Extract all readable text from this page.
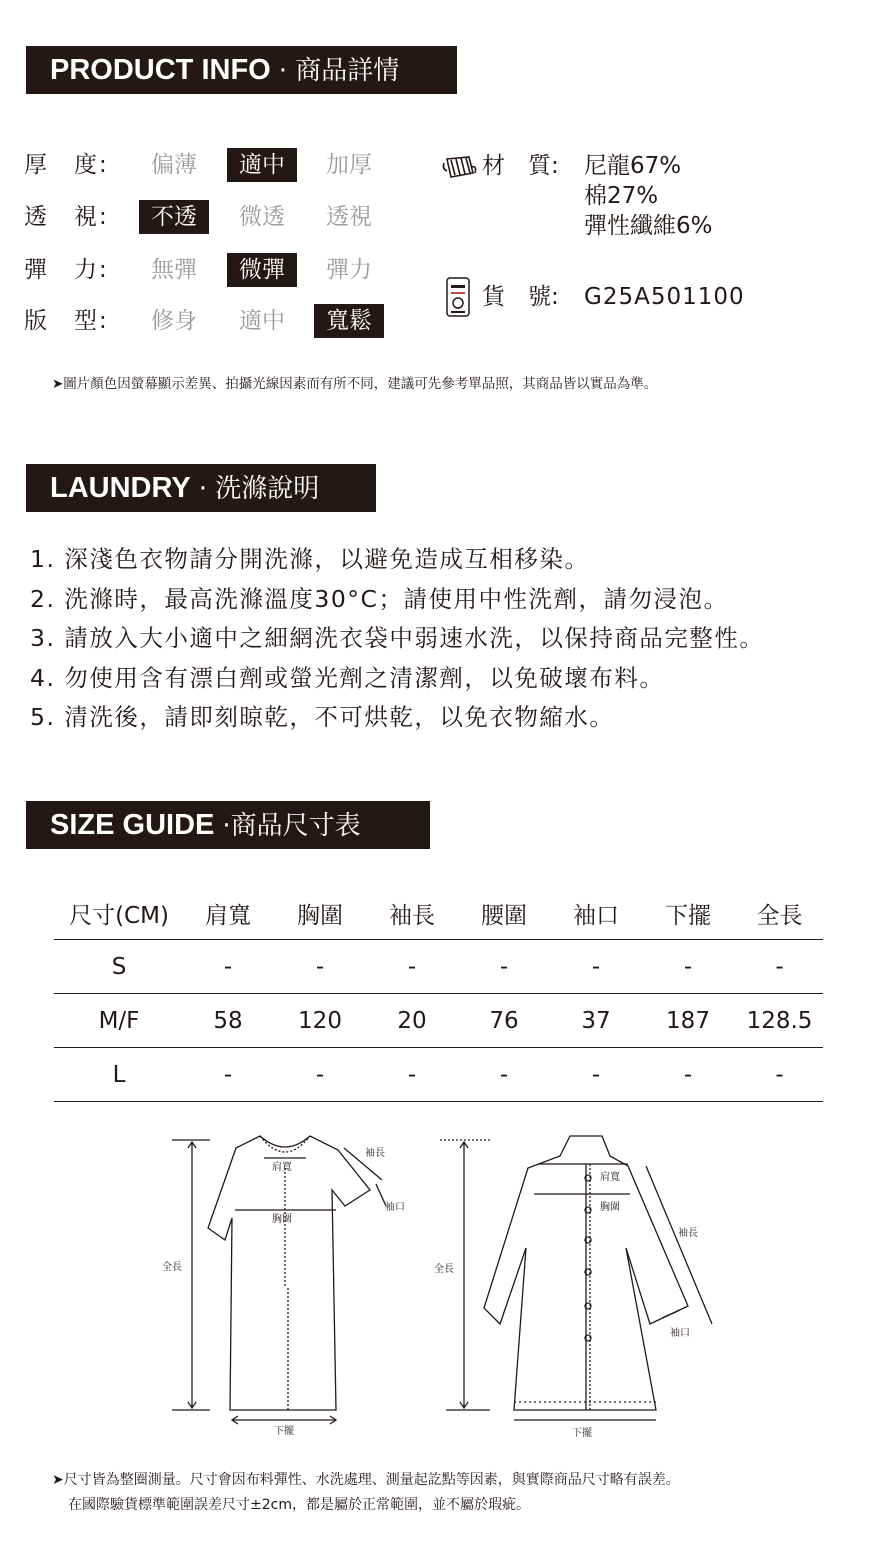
PRODUCT INFO · 商品詳情
厚　度:	偏薄	適中	加厚
透　視:	不透	微透	透視
彈　力:	無彈	微彈	彈力
版　型:	修身	適中	寬鬆
材　質: 尼龍67%
棉27%
彈性纖維6%
貨　號: G25A501100
➤圖片顏色因螢幕顯示差異、拍攝光線因素而有所不同，建議可先參考單品照，其商品皆以實品為準。
LAUNDRY · 洗滌說明
1. 深淺色衣物請分開洗滌，以避免造成互相移染。
2. 洗滌時，最高洗滌溫度30°C；請使用中性洗劑，請勿浸泡。
3. 請放入大小適中之細網洗衣袋中弱速水洗，以保持商品完整性。
4. 勿使用含有漂白劑或螢光劑之清潔劑，以免破壞布料。
5. 清洗後，請即刻晾乾，不可烘乾，以免衣物縮水。
SIZE GUIDE ·商品尺寸表
尺寸(CM)	肩寬	胸圍	袖長	腰圍	袖口	下擺	全長
S	-	-	-	-	-	-	-
M/F	58	120	20	76	37	187	128.5
L	-	-	-	-	-	-	-
肩寬
胸圍
袖長
袖口
全長
下擺
肩寬
胸圍
袖長
袖口
全長
下擺
➤尺寸皆為整圈測量。尺寸會因布料彈性、水洗處理、測量起訖點等因素，與實際商品尺寸略有誤差。
在國際驗貨標準範圍誤差尺寸±2cm，都是屬於正常範圍，並不屬於瑕疵。
